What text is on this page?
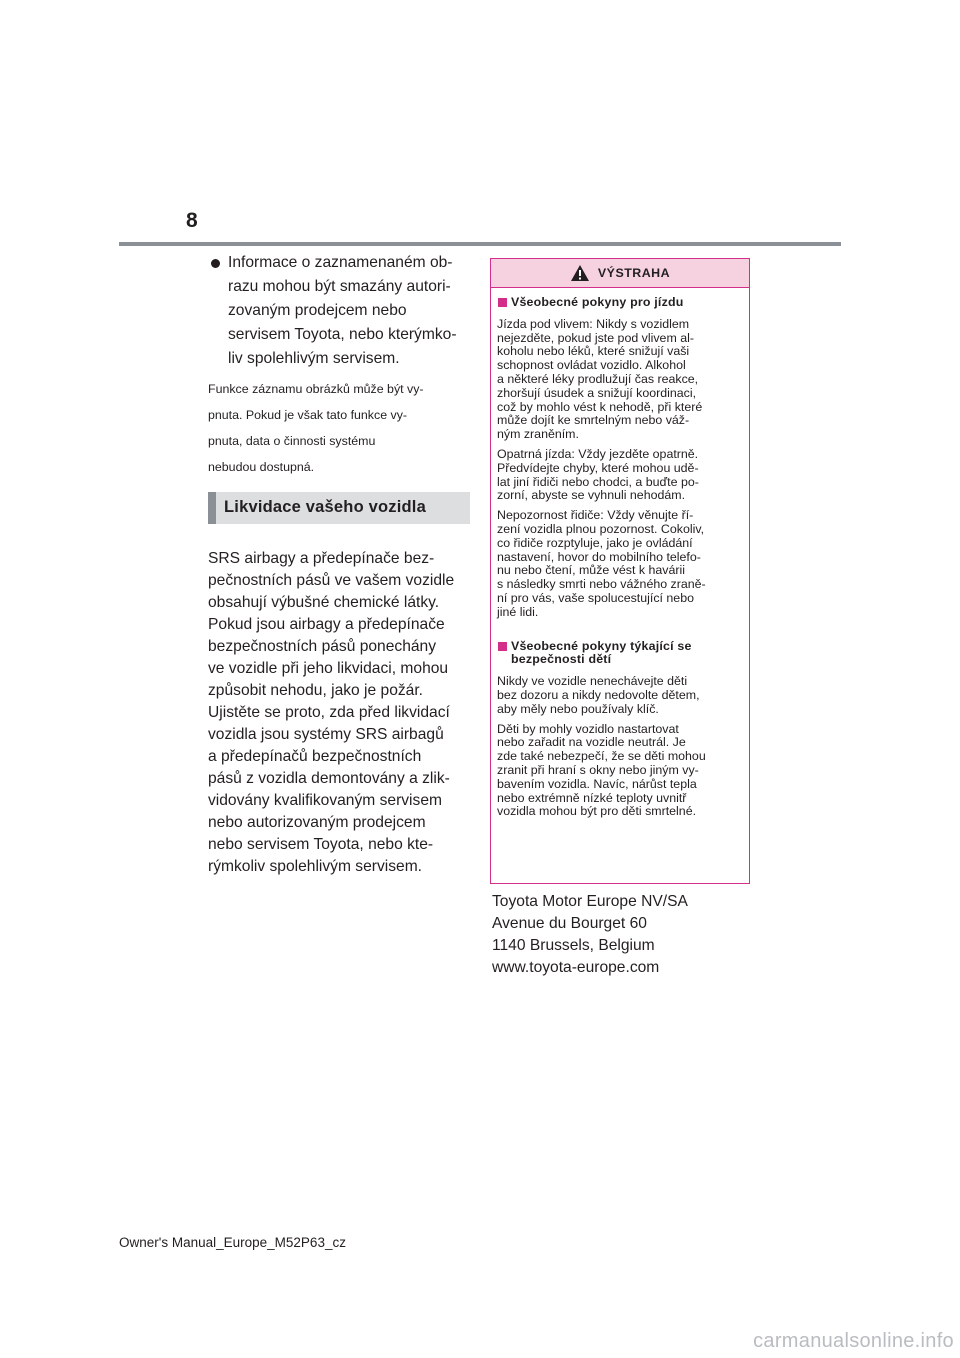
8

Informace o zaznamenaném ob-

razu mohou být smazány autori-

zovaným prodejcem nebo

servisem Toyota, nebo kterýmko-

liv spolehlivým servisem.

Funkce záznamu obrázků může být vy-

pnuta. Pokud je však tato funkce vy-

pnuta, data o činnosti systému

nebudou dostupná.

Likvidace vašeho vozidla

SRS airbagy a předepínače bez-

pečnostních pásů ve vašem vozidle

obsahují výbušné chemické látky.

Pokud jsou airbagy a předepínače

bezpečnostních pásů ponechány

ve vozidle při jeho likvidaci, mohou

způsobit nehodu, jako je požár.

Ujistěte se proto, zda před likvidací

vozidla jsou systémy SRS airbagů

a předepínačů bezpečnostních

pásů z vozidla demontovány a zlik-

vidovány kvalifikovaným servisem

nebo autorizovaným prodejcem

nebo servisem Toyota, nebo kte-

rýmkoliv spolehlivým servisem.

VÝSTRAHA
Všeobecné pokyny pro jízdu

Jízda pod vlivem: Nikdy s vozidlem
nejezděte, pokud jste pod vlivem al-
koholu nebo léků, které snižují vaši
schopnost ovládat vozidlo. Alkohol
a některé léky prodlužují čas reakce,
zhoršují úsudek a snižují koordinaci,
což by mohlo vést k nehodě, při které
může dojít ke smrtelným nebo váž-
ným zraněním.

Opatrná jízda: Vždy jezděte opatrně.
Předvídejte chyby, které mohou udě-
lat jiní řidiči nebo chodci, a buďte po-
zorní, abyste se vyhnuli nehodám.

Nepozornost řidiče: Vždy věnujte ří-
zení vozidla plnou pozornost. Cokoliv,
co řidiče rozptyluje, jako je ovládání
nastavení, hovor do mobilního telefo-
nu nebo čtení, může vést k havárii
s následky smrti nebo vážného zraně-
ní pro vás, vaše spolucestující nebo
jiné lidi.

Všeobecné pokyny týkající se
bezpečnosti dětí

Nikdy ve vozidle nenechávejte děti
bez dozoru a nikdy nedovolte dětem,
aby měly nebo používaly klíč.

Děti by mohly vozidlo nastartovat
nebo zařadit na vozidle neutrál. Je
zde také nebezpečí, že se děti mohou
zranit při hraní s okny nebo jiným vy-
bavením vozidla. Navíc, nárůst tepla
nebo extrémně nízké teploty uvnitř
vozidla mohou být pro děti smrtelné.

Toyota Motor Europe NV/SA
Avenue du Bourget 60
1140 Brussels, Belgium
www.toyota-europe.com
Owner's Manual_Europe_M52P63_cz
carmanualsonline.info
